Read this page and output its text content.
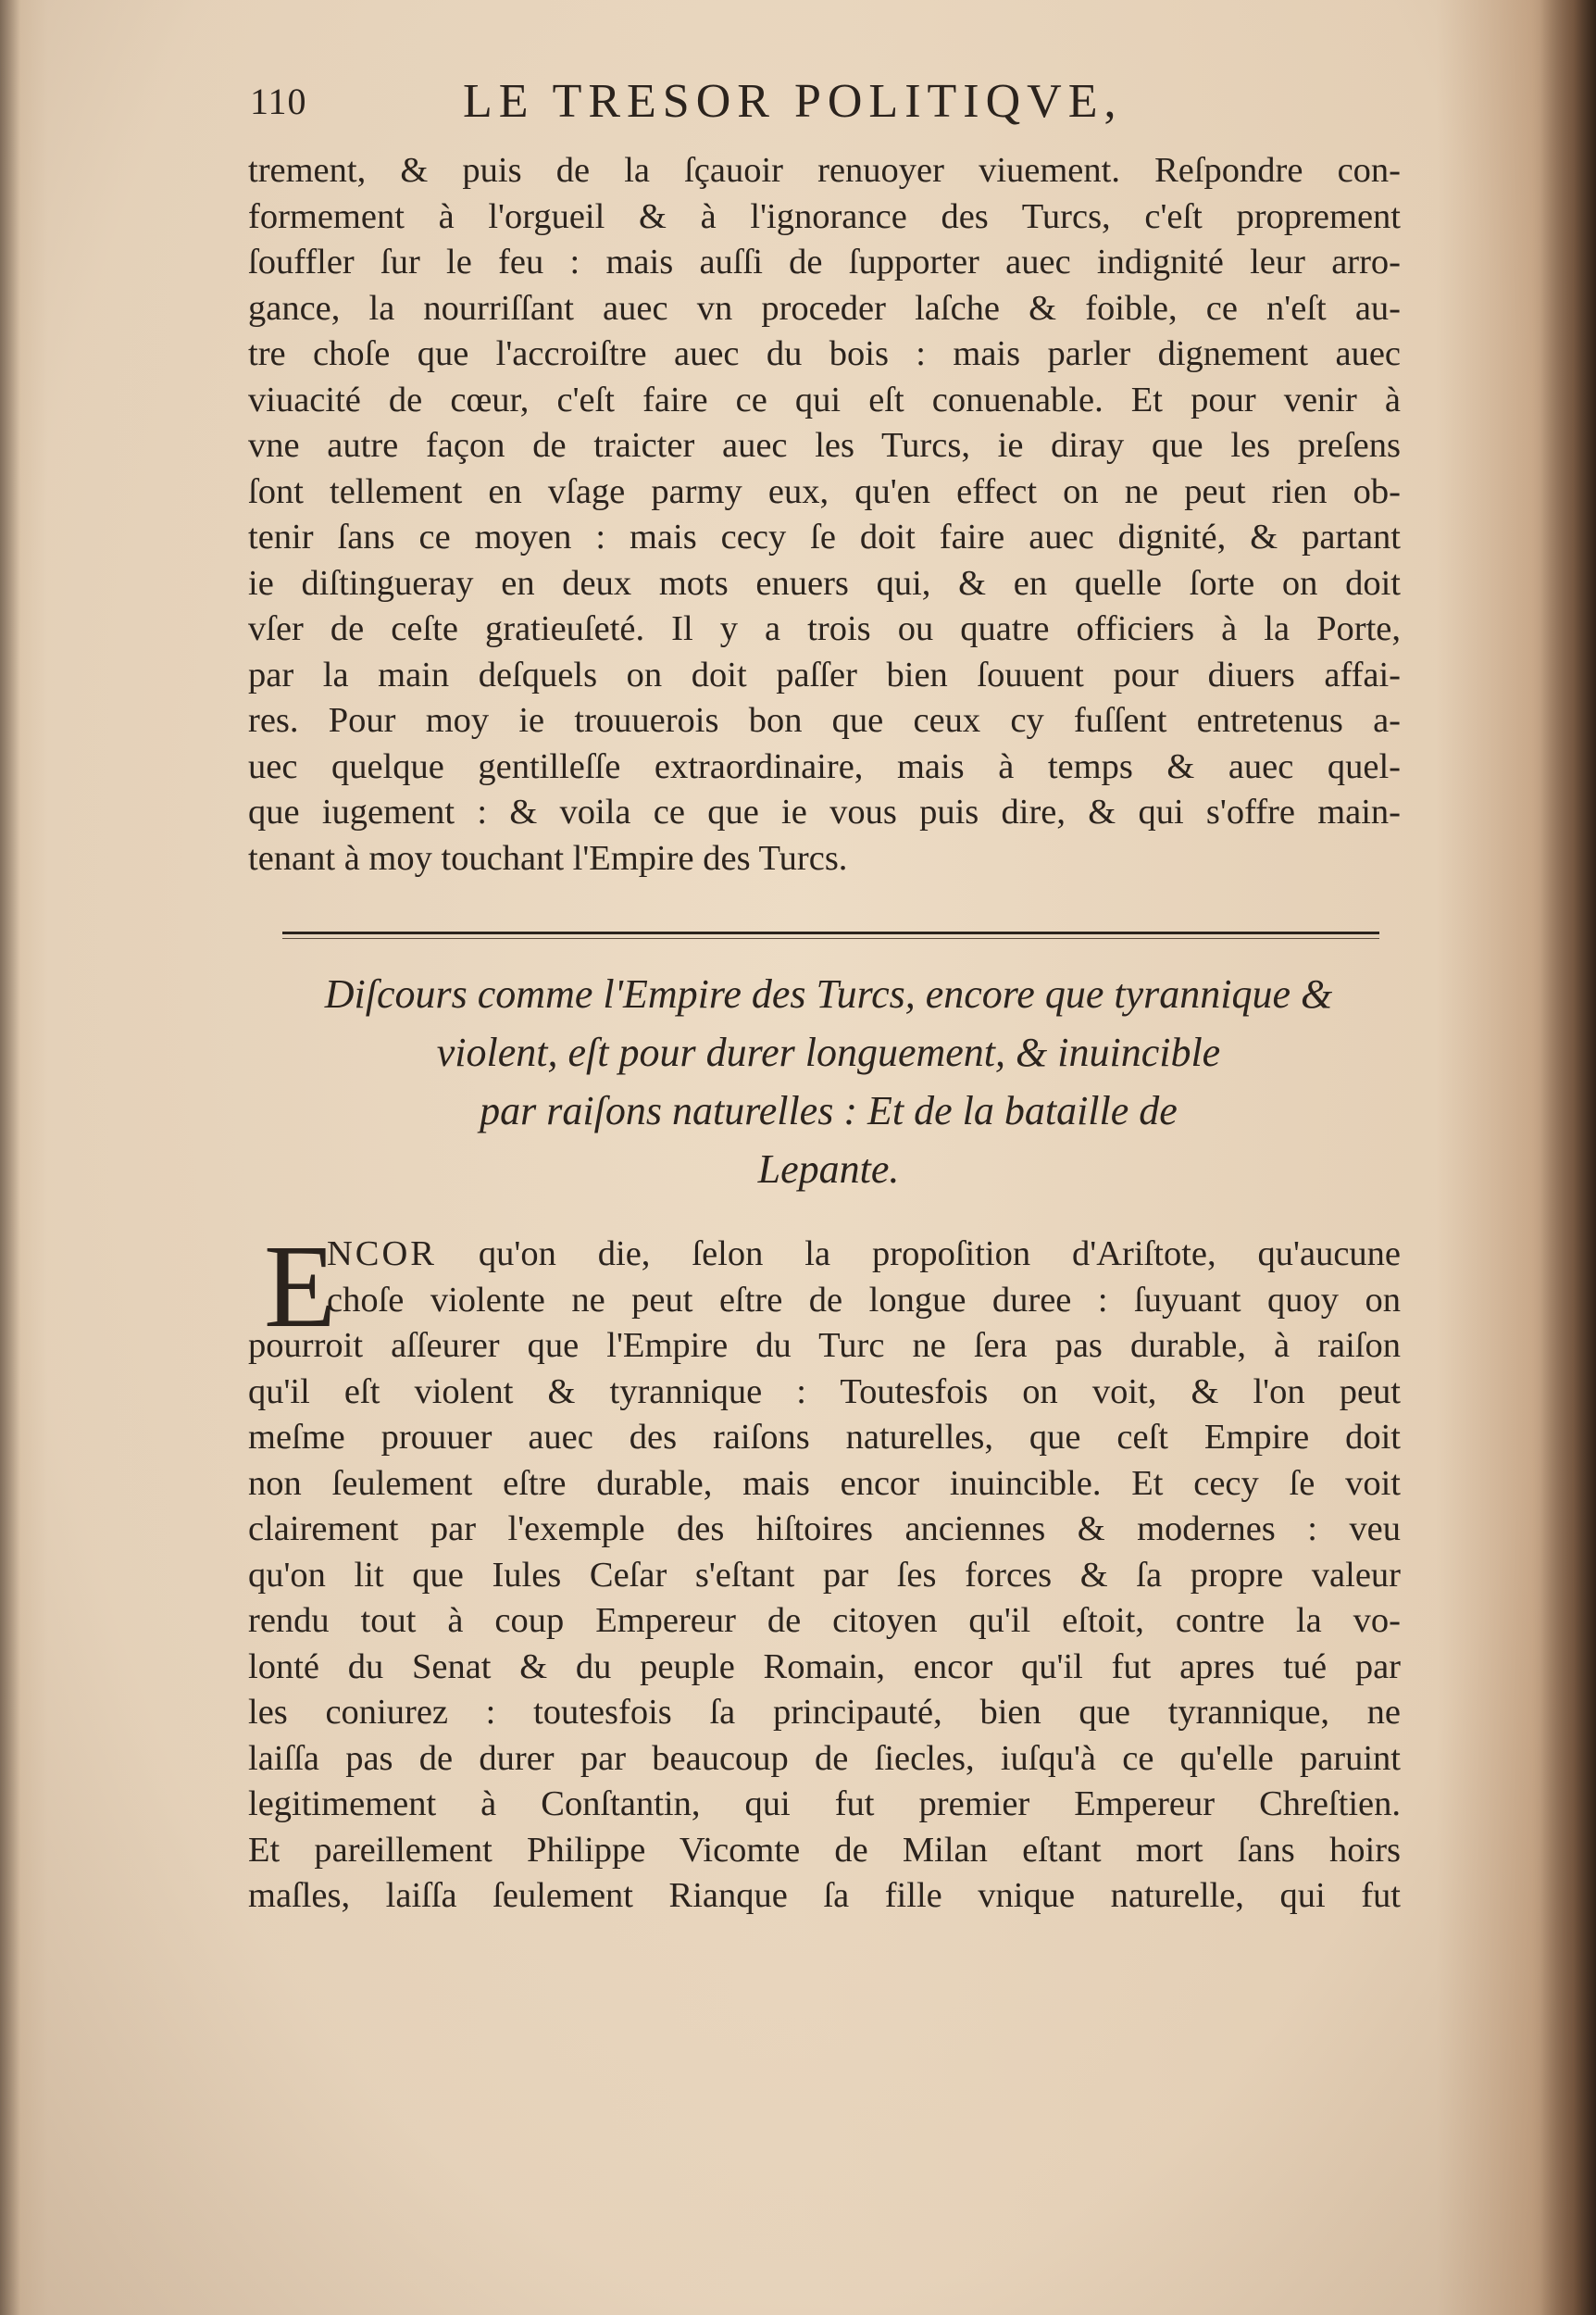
110	LE TRESOR POLITIQVE,
trement, & puis de la ſçauoir renuoyer viuement. Reſpondre con-
formement à l'orgueil & à l'ignorance des Turcs, c'eſt proprement
ſouffler ſur le feu : mais auſſi de ſupporter auec indignité leur arro-
gance, la nourriſſant auec vn proceder laſche & foible, ce n'eſt au-
tre choſe que l'accroiſtre auec du bois : mais parler dignement auec
viuacité de cœur, c'eſt faire ce qui eſt conuenable. Et pour venir à
vne autre façon de traicter auec les Turcs, ie diray que les preſens
ſont tellement en vſage parmy eux, qu'en effect on ne peut rien ob-
tenir ſans ce moyen : mais cecy ſe doit faire auec dignité, & partant
ie diſtingueray en deux mots enuers qui, & en quelle ſorte on doit
vſer de ceſte gratieuſeté. Il y a trois ou quatre officiers à la Porte,
par la main deſquels on doit paſſer bien ſouuent pour diuers affai-
res. Pour moy ie trouuerois bon que ceux cy fuſſent entretenus a-
uec quelque gentilleſſe extraordinaire, mais à temps & auec quel-
que iugement : & voila ce que ie vous puis dire, & qui s'offre main-
tenant à moy touchant l'Empire des Turcs.
Diſcours comme l'Empire des Turcs, encore que tyrannique &
violent, eſt pour durer longuement, & inuincible
par raiſons naturelles : Et de la bataille de
Lepante.
E
NCOR qu'on die, ſelon la propoſition d'Ariſtote, qu'aucune
choſe violente ne peut eſtre de longue duree : ſuyuant quoy on
pourroit aſſeurer que l'Empire du Turc ne ſera pas durable, à raiſon
qu'il eſt violent & tyrannique : Toutesfois on voit, & l'on peut
meſme prouuer auec des raiſons naturelles, que ceſt Empire doit
non ſeulement eſtre durable, mais encor inuincible. Et cecy ſe voit
clairement par l'exemple des hiſtoires anciennes & modernes : veu
qu'on lit que Iules Ceſar s'eſtant par ſes forces & ſa propre valeur
rendu tout à coup Empereur de citoyen qu'il eſtoit, contre la vo-
lonté du Senat & du peuple Romain, encor qu'il fut apres tué par
les coniurez : toutesfois ſa principauté, bien que tyrannique, ne
laiſſa pas de durer par beaucoup de ſiecles, iuſqu'à ce qu'elle paruint
legitimement à Conſtantin, qui fut premier Empereur Chreſtien.
Et pareillement Philippe Vicomte de Milan eſtant mort ſans hoirs
maſles, laiſſa ſeulement Rianque ſa fille vnique naturelle, qui fut
